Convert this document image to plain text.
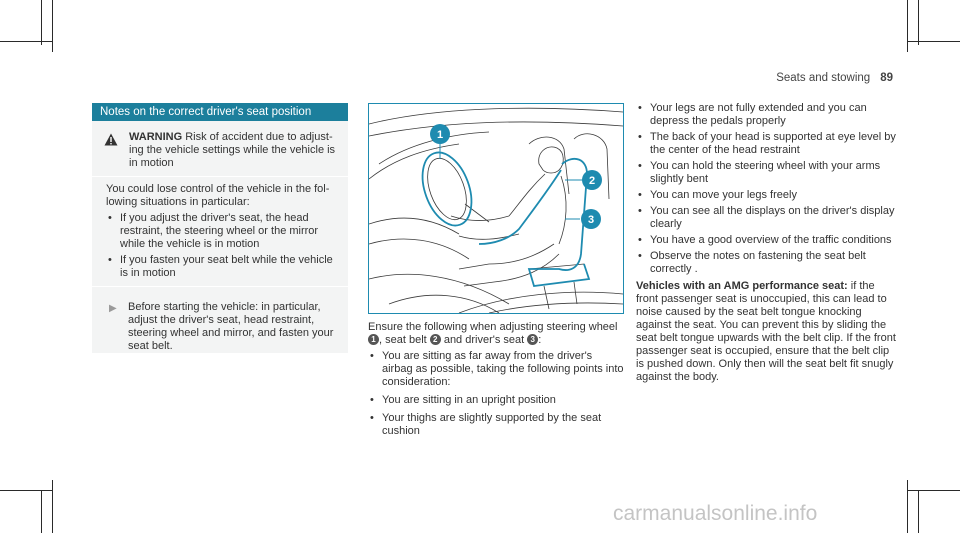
Seats and stowing 89
Notes on the correct driver's seat position
WARNING Risk of accident due to adjusting the vehicle settings while the vehicle is in motion

You could lose control of the vehicle in the following situations in particular:

• If you adjust the driver's seat, the head restraint, the steering wheel or the mirror while the vehicle is in motion
• If you fasten your seat belt while the vehicle is in motion
▶ Before starting the vehicle: in particular, adjust the driver's seat, head restraint, steering wheel and mirror, and fasten your seat belt.
1
2
3

Ensure the following when adjusting steering wheel 1 , seat belt 2 and driver's seat 3 :

• You are sitting as far away from the driver's airbag as possible, taking the following points into consideration:
• You are sitting in an upright position
• Your thighs are slightly supported by the seat cushion
• Your legs are not fully extended and you can depress the pedals properly
• The back of your head is supported at eye level by the center of the head restraint
• You can hold the steering wheel with your arms slightly bent
• You can move your legs freely
• You can see all the displays on the driver's display clearly
• You have a good overview of the traffic conditions
• Observe the notes on fastening the seat belt correctly .

Vehicles with an AMG performance seat: if the front passenger seat is unoccupied, this can lead to noise caused by the seat belt tongue knocking against the seat. You can prevent this by sliding the seat belt tongue upwards with the belt clip. If the front passenger seat is occupied, ensure that the belt clip is pushed down. Only then will the seat belt fit snugly against the body.

carmanualsonline.info
